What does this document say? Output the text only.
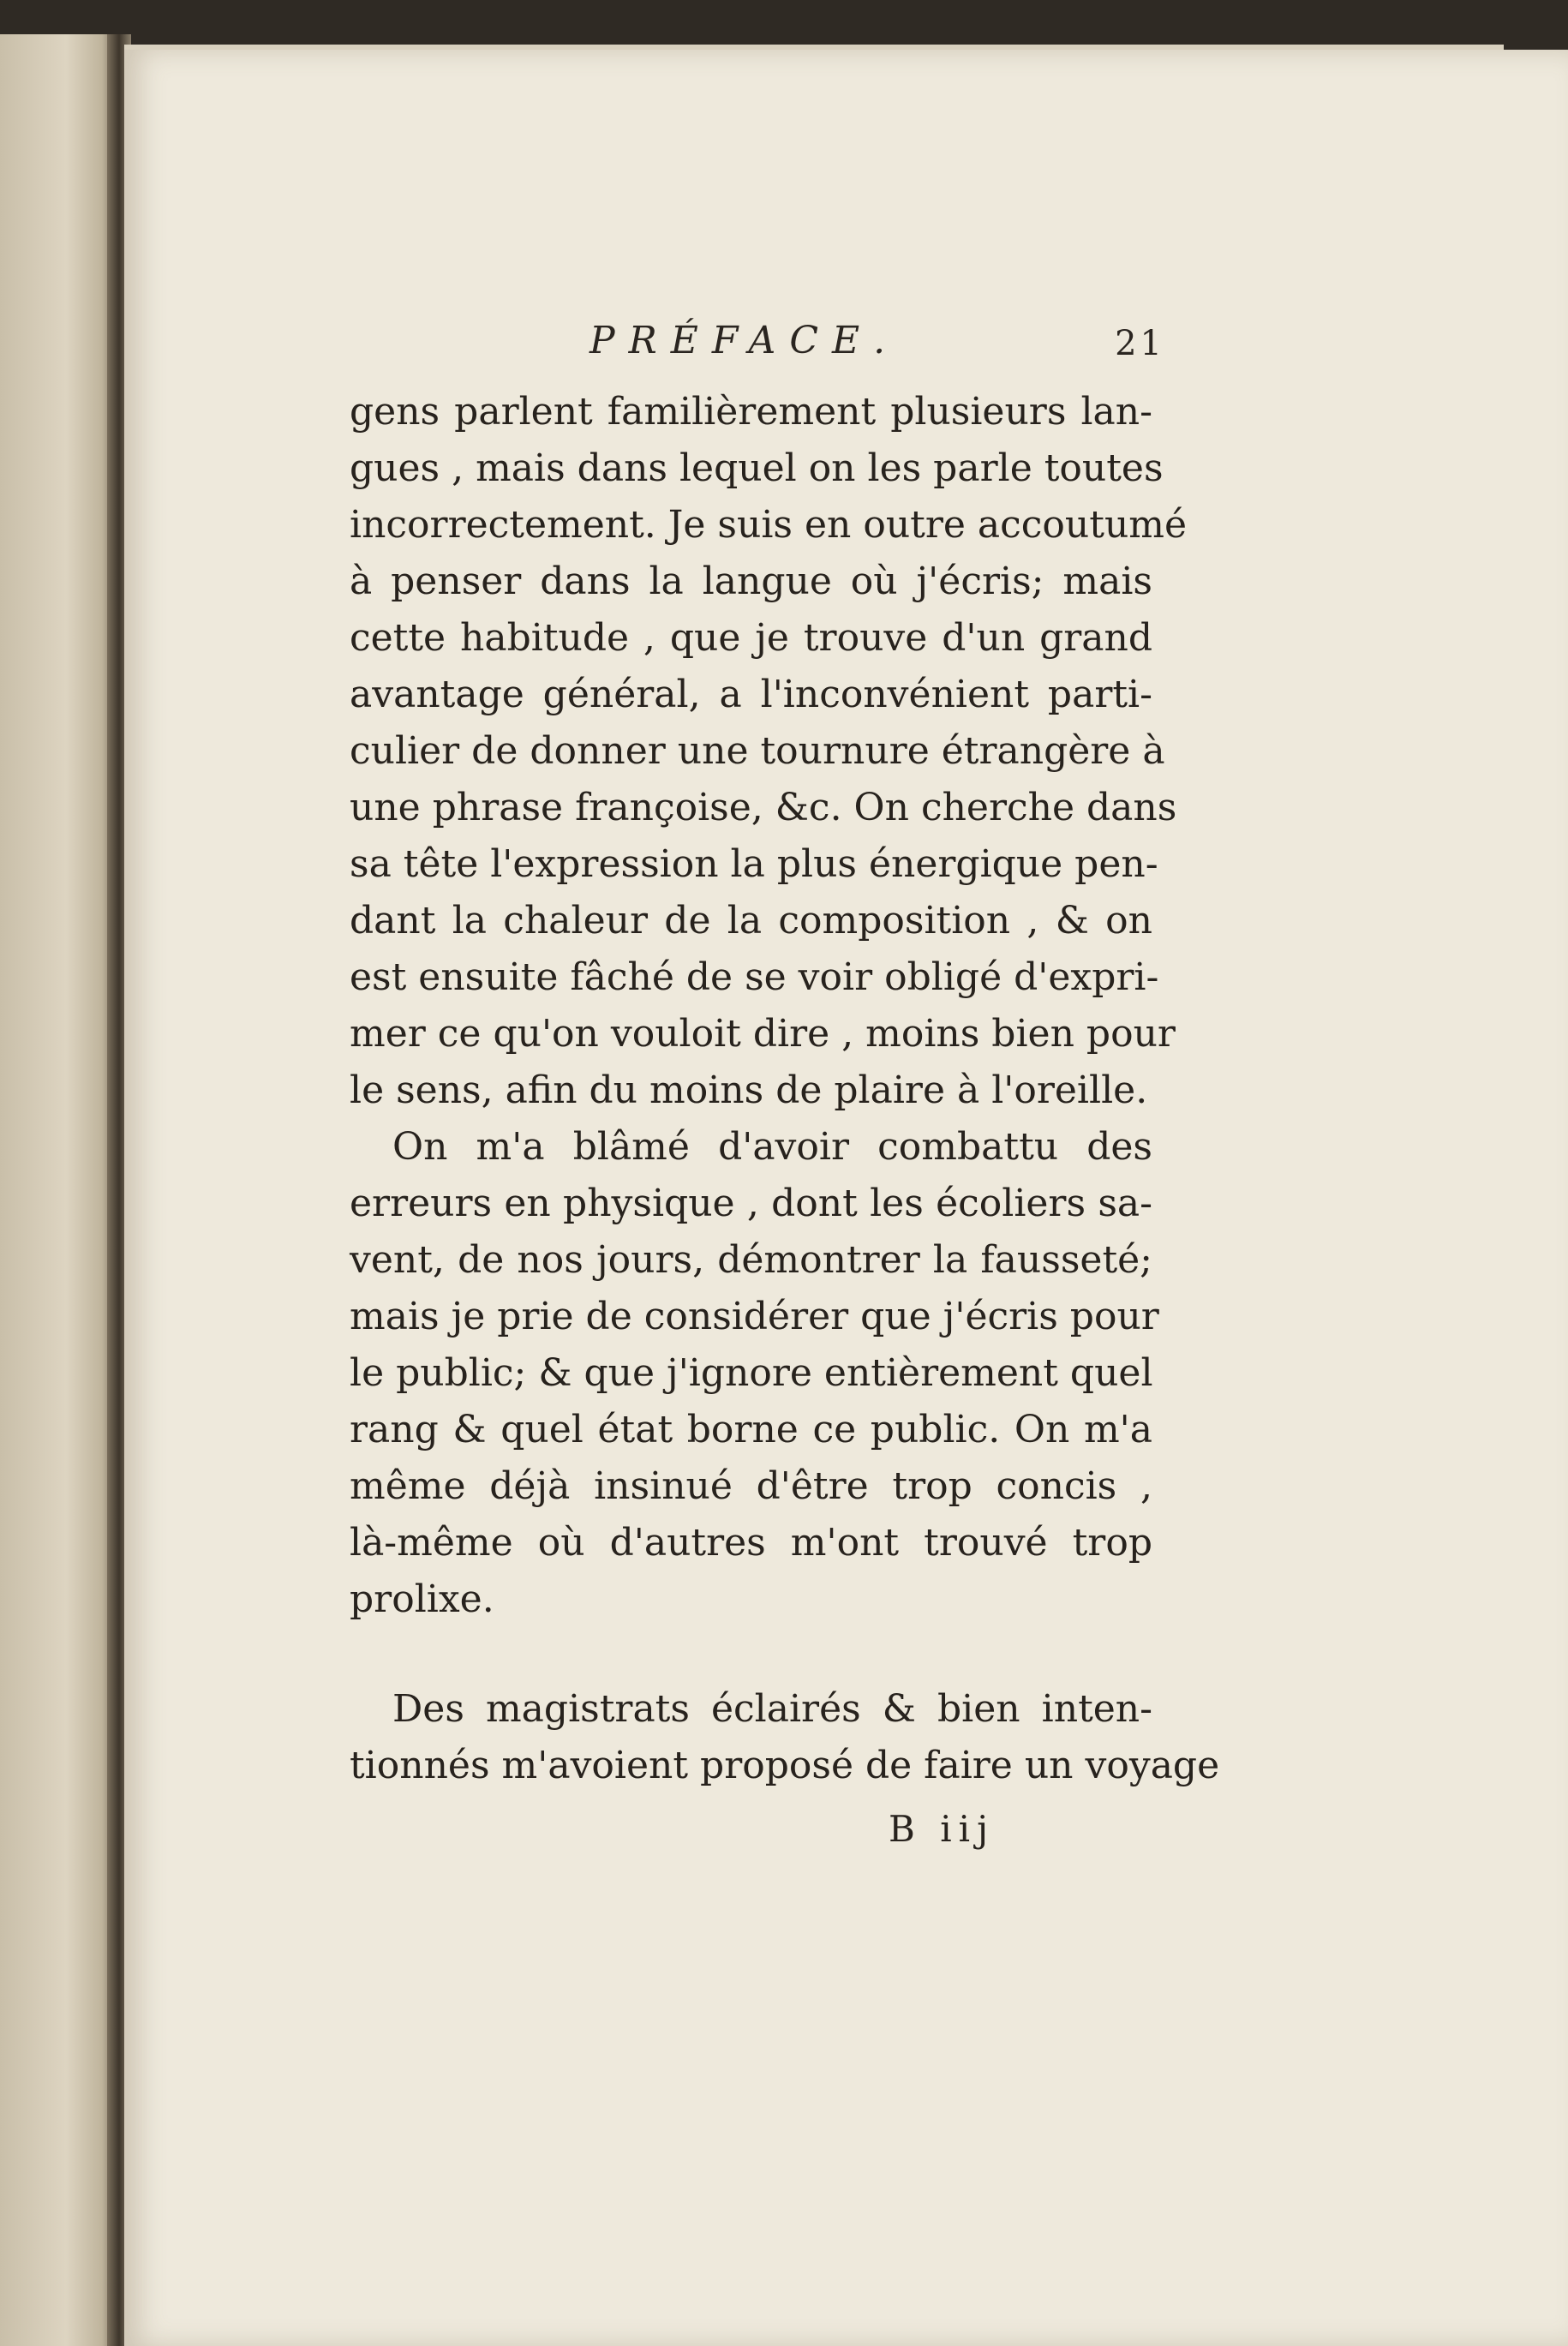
PRÉFACE.	21
gens parlent familièrement plusieurs lan-
gues , mais dans lequel on les parle toutes
incorrectement. Je suis en outre accoutumé
à penser dans la langue où j'écris; mais
cette habitude , que je trouve d'un grand
avantage général, a l'inconvénient parti-
culier de donner une tournure étrangère à
une phrase françoise, &c. On cherche dans
sa tête l'expression la plus énergique pen-
dant la chaleur de la composition , & on
est ensuite fâché de se voir obligé d'expri-
mer ce qu'on vouloit dire , moins bien pour
le sens, afin du moins de plaire à l'oreille.
On m'a blâmé d'avoir combattu des
erreurs en physique , dont les écoliers sa-
vent, de nos jours, démontrer la fausseté;
mais je prie de considérer que j'écris pour
le public; & que j'ignore entièrement quel
rang & quel état borne ce public. On m'a
même déjà insinué d'être trop concis ,
là-même où d'autres m'ont trouvé trop
prolixe.
Des magistrats éclairés & bien inten-
tionnés m'avoient proposé de faire un voyage
B iij
